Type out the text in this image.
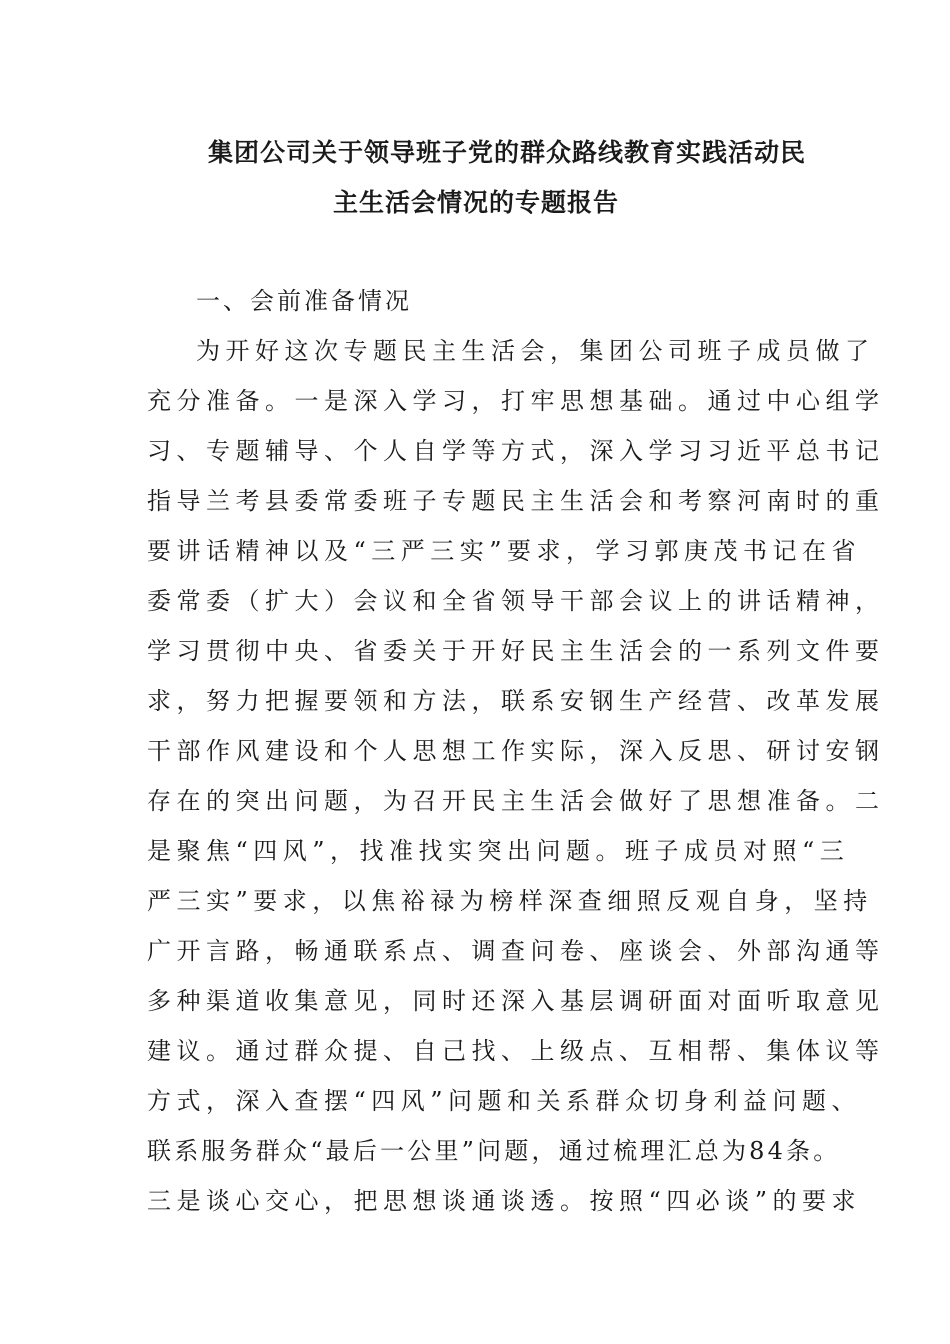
集团公司关于领导班子党的群众路线教育实践活动民
主生活会情况的专题报告
一、会前准备情况
为开好这次专题民主生活会，集团公司班子成员做了
充分准备。一是深入学习，打牢思想基础。通过中心组学
习、专题辅导、个人自学等方式，深入学习习近平总书记
指导兰考县委常委班子专题民主生活会和考察河南时的重
要讲话精神以及“三严三实”要求，学习郭庚茂书记在省
委常委（扩大）会议和全省领导干部会议上的讲话精神，
学习贯彻中央、省委关于开好民主生活会的一系列文件要
求，努力把握要领和方法，联系安钢生产经营、改革发展
干部作风建设和个人思想工作实际，深入反思、研讨安钢
存在的突出问题，为召开民主生活会做好了思想准备。二
是聚焦“四风”，找准找实突出问题。班子成员对照“三
严三实”要求，以焦裕禄为榜样深查细照反观自身，坚持
广开言路，畅通联系点、调查问卷、座谈会、外部沟通等
多种渠道收集意见，同时还深入基层调研面对面听取意见
建议。通过群众提、自己找、上级点、互相帮、集体议等
方式，深入查摆“四风”问题和关系群众切身利益问题、
联系服务群众“最后一公里”问题，通过梳理汇总为84条。
三是谈心交心，把思想谈通谈透。按照“四必谈”的要求
